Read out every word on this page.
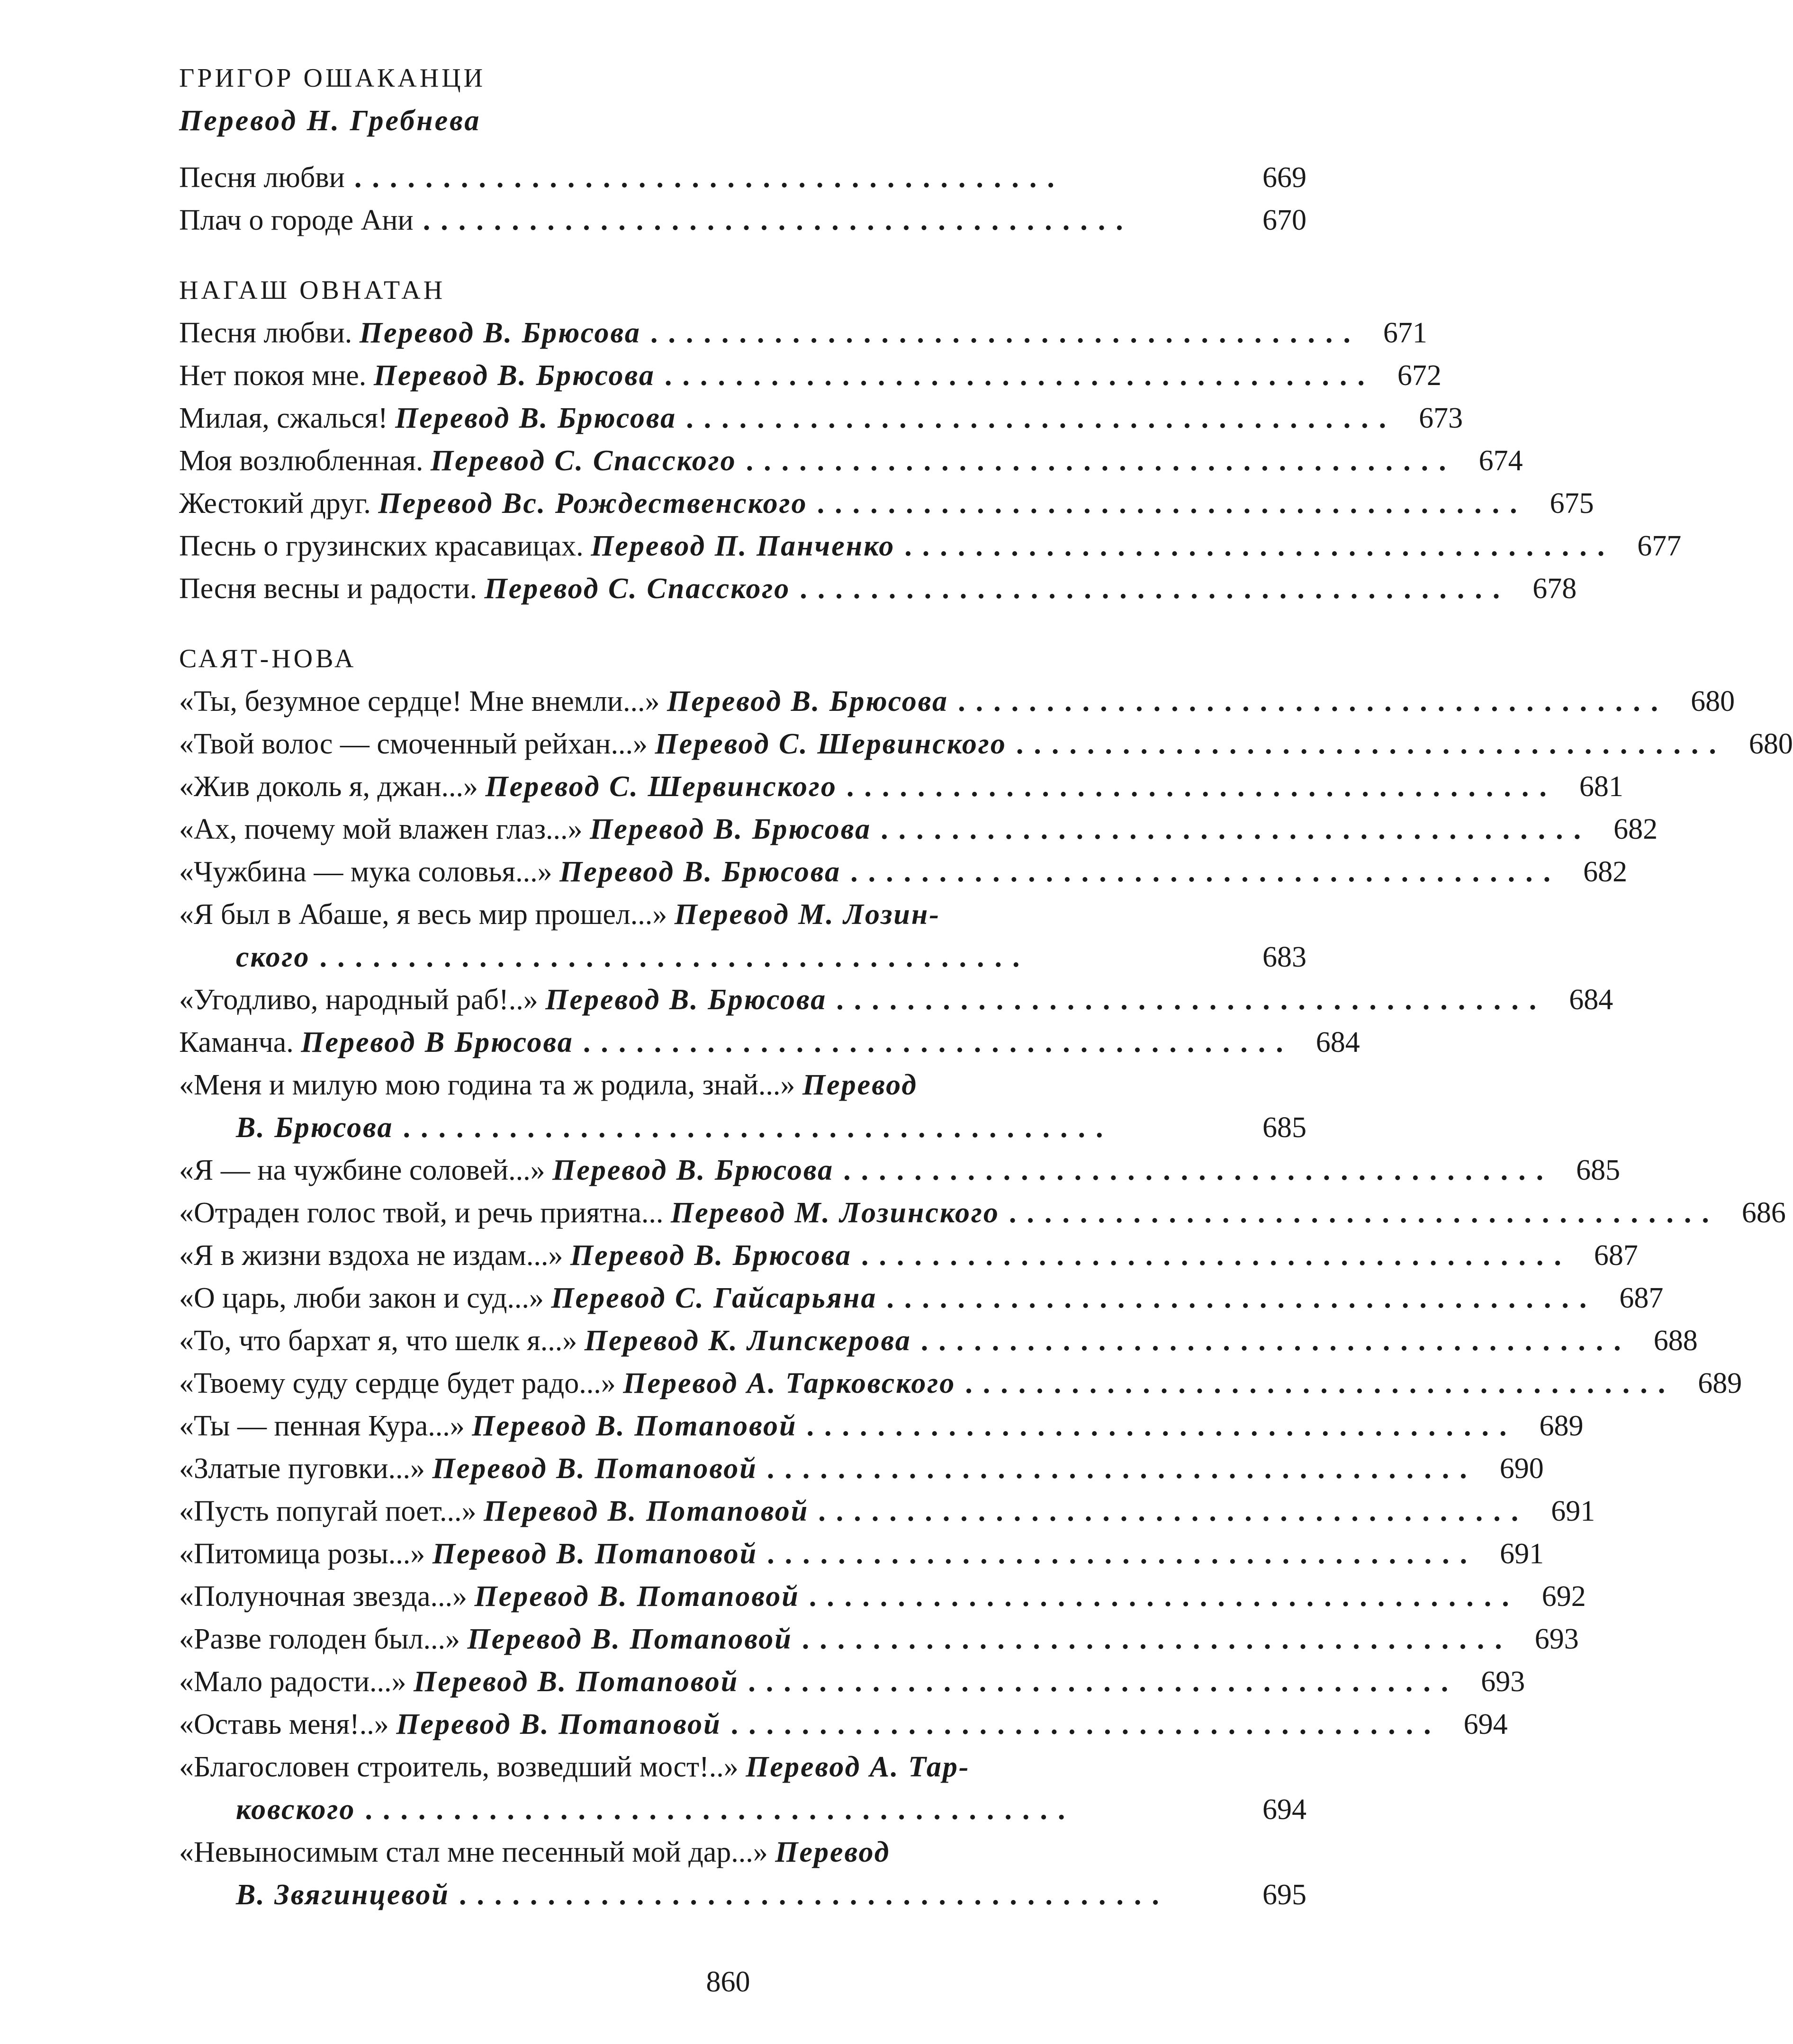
ГРИГОР ОШАКАНЦИ
Перевод Н. Гребнева
Песня любви ........................................	669
Плач о городе Ани ........................................	670
НАГАШ ОВНАТАН
Песня любви. Перевод В. Брюсова ........................................ 671
Нет покоя мне. Перевод В. Брюсова ........................................ 672
Милая, сжалься! Перевод В. Брюсова ........................................ 673
Моя возлюбленная. Перевод С. Спасского ........................................ 674
Жестокий друг. Перевод Вс. Рождественского ........................................ 675
Песнь о грузинских красавицах. Перевод П. Панченко ........................................ 677
Песня весны и радости. Перевод С. Спасского ........................................ 678
САЯТ-НОВА
«Ты, безумное сердце! Мне внемли...» Перевод В. Брюсова ........................................ 680
«Твой волос — смоченный рейхан...» Перевод С. Шервинского ........................................ 680
«Жив доколь я, джан...» Перевод С. Шервинского ........................................ 681
«Ах, почему мой влажен глаз...» Перевод В. Брюсова ........................................ 682
«Чужбина — мука соловья...» Перевод В. Брюсова ........................................ 682
«Я был в Абаше, я весь мир прошел...» Перевод М. Лозин-
ского ........................................	683
«Угодливо, народный раб!..» Перевод В. Брюсова ........................................ 684
Каманча. Перевод В Брюсова ........................................ 684
«Меня и милую мою година та ж родила, знай...» Перевод
В. Брюсова ........................................	685
«Я — на чужбине соловей...» Перевод В. Брюсова ........................................ 685
«Отраден голос твой, и речь приятна... Перевод М. Лозинского ........................................ 686
«Я в жизни вздоха не издам...» Перевод В. Брюсова ........................................ 687
«О царь, люби закон и суд...» Перевод С. Гайсарьяна ........................................ 687
«То, что бархат я, что шелк я...» Перевод К. Липскерова ........................................ 688
«Твоему суду сердце будет радо...» Перевод А. Тарковского ........................................ 689
«Ты — пенная Кура...» Перевод В. Потаповой ........................................ 689
«Златые пуговки...» Перевод В. Потаповой ........................................ 690
«Пусть попугай поет...» Перевод В. Потаповой ........................................ 691
«Питомица розы...» Перевод В. Потаповой ........................................ 691
«Полуночная звезда...» Перевод В. Потаповой ........................................ 692
«Разве голоден был...» Перевод В. Потаповой ........................................ 693
«Мало радости...» Перевод В. Потаповой ........................................ 693
«Оставь меня!..» Перевод В. Потаповой ........................................ 694
«Благословен строитель, возведший мост!..» Перевод А. Тар-
ковского ........................................	694
«Невыносимым стал мне песенный мой дар...» Перевод
В. Звягинцевой ........................................	695
860
